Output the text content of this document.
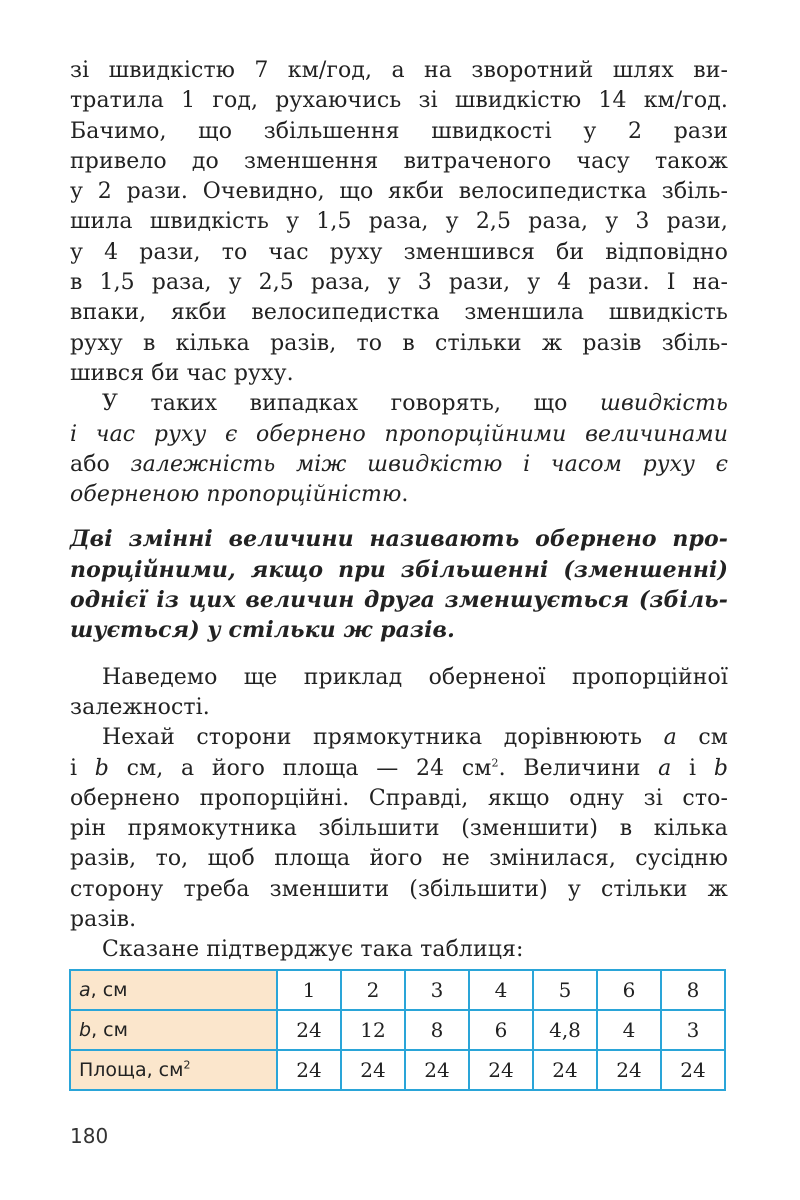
зі швидкістю 7 км/год, а на зворотний шлях ви-
тратила 1 год, рухаючись зі швидкістю 14 км/год.
Бачимо, що збільшення швидкості у 2 рази
привело до зменшення витраченого часу також
у 2 рази. Очевидно, що якби велосипедистка збіль-
шила швидкість у 1,5 раза, у 2,5 раза, у 3 рази,
у 4 рази, то час руху зменшився би відповідно
в 1,5 раза, у 2,5 раза, у 3 рази, у 4 рази. І на-
впаки, якби велосипедистка зменшила швидкість
руху в кілька разів, то в стільки ж разів збіль-
шився би час руху.
У таких випадках говорять, що швидкість
і час руху є обернено пропорційними величинами
або залежність між швидкістю і часом руху є
оберненою пропорційністю.
Дві змінні величини називають обернено про-
порційними, якщо при збільшенні (зменшенні)
однієї із цих величин друга зменшується (збіль-
шується) у стільки ж разів.
Наведемо ще приклад оберненої пропорційної
залежності.
Нехай сторони прямокутника дорівнюють a см
і b см, а його площа — 24 $см^2$. Величини a і b
обернено пропорційні. Справді, якщо одну зі сто-
рін прямокутника збільшити (зменшити) в кілька
разів, то, щоб площа його не змінилася, сусідню
сторону треба зменшити (збільшити) у стільки ж
разів.
Сказане підтверджує така таблиця:
a, см	1	2	3	4	5	6	8
b, см	24	12	8	6	4,8	4	3
Площа, $см^2$	24	24	24	24	24	24	24
180
